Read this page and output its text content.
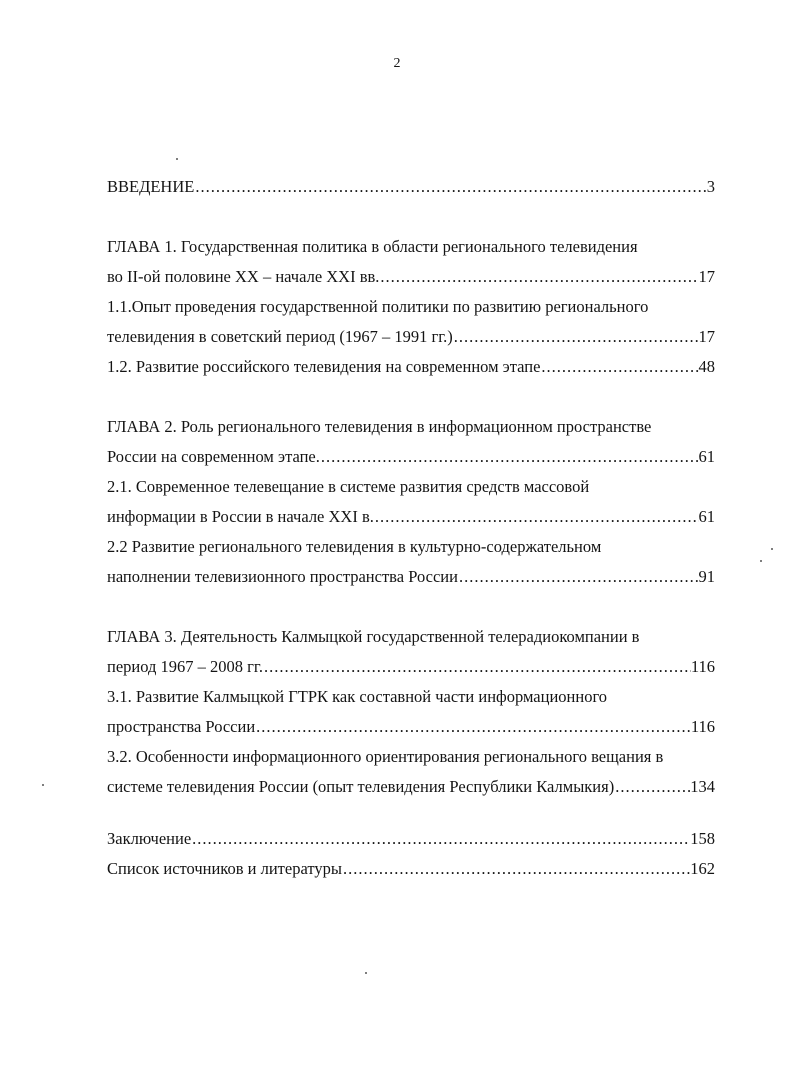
2
ВВЕДЕНИЕ .....	3
ГЛАВА 1. Государственная политика в области регионального телевидения
во II-ой половине XX – начале XXI вв. .....	17
1.1.Опыт проведения государственной политики по развитию регионального
телевидения в советский период (1967 – 1991 гг.) .....	17
1.2. Развитие российского телевидения на современном этапе .....	48
ГЛАВА 2. Роль регионального телевидения в информационном пространстве
России на современном этапе. .....	61
2.1. Современное телевещание в системе развития средств массовой
информации в России в начале XXI в. .....	61
2.2 Развитие регионального телевидения в культурно-содержательном
наполнении телевизионного пространства России .....	91
ГЛАВА 3. Деятельность Калмыцкой государственной телерадиокомпании в
период 1967 – 2008 гг. .....	116
3.1. Развитие Калмыцкой ГТРК как составной части информационного
пространства России .....	116
3.2. Особенности информационного ориентирования регионального вещания в
системе телевидения России (опыт телевидения Республики Калмыкия) .....	134
Заключение .....	158
Список источников и литературы .....	162
